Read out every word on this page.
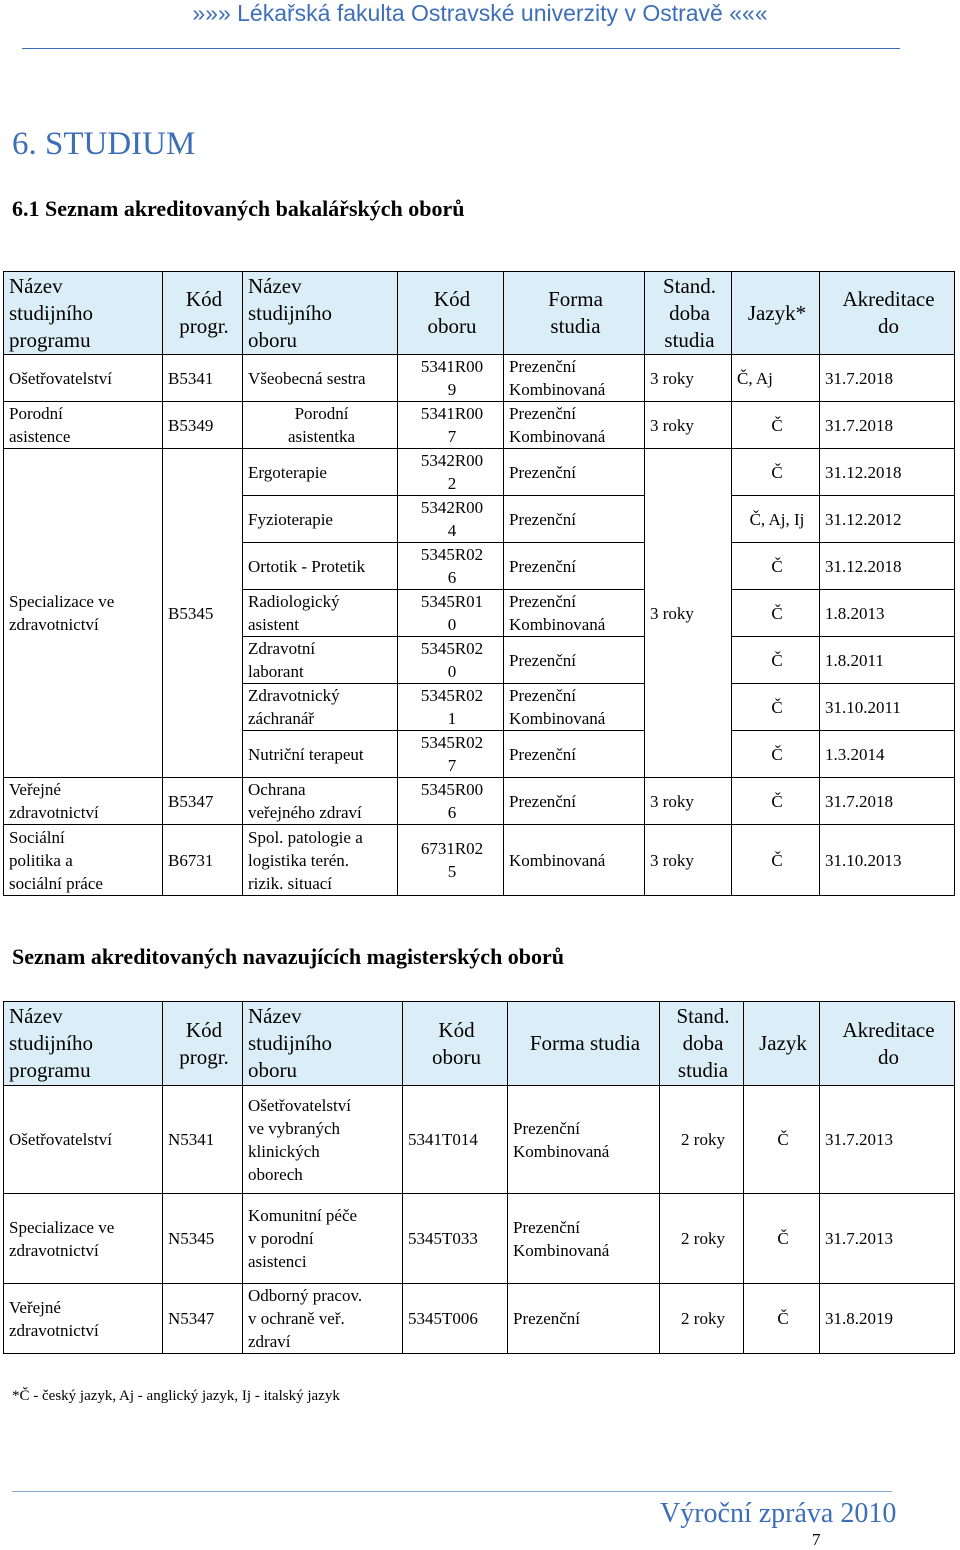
»»» Lékařská fakulta Ostravské univerzity v Ostravě «««
6. STUDIUM
6.1 Seznam akreditovaných bakalářských oborů
Název
studijního
programu	Kód
progr.	Název
studijního
oboru	Kód
oboru	Forma
studia	Stand.
doba
studia	Jazyk*	Akreditace
do

Ošetřovatelství	B5341	Všeobecná sestra	5341R00
9	Prezenční
Kombinovaná	3 roky	Č, Aj	31.7.2018

Porodní
asistence	B5349	Porodní
asistentka	5341R00
7	Prezenční
Kombinovaná	3 roky	Č	31.7.2018

Specializace ve
zdravotnictví	B5345	Ergoterapie	5342R00
2	Prezenční	3 roky	Č	31.12.2018
		Fyzioterapie	5342R00
4	Prezenční		Č, Aj, Ij	31.12.2012
		Ortotik - Protetik	5345R02
6	Prezenční		Č	31.12.2018

		Radiologický
asistent	5345R01
0	Prezenční
Kombinovaná		Č	1.8.2013

		Zdravotní
laborant	5345R02
0	Prezenční		Č	1.8.2011

		Zdravotnický
záchranář	5345R02
1	Prezenční
Kombinovaná		Č	31.10.2011
		Nutriční terapeut	5345R02
7	Prezenční		Č	1.3.2014

Veřejné
zdravotnictví	B5347	Ochrana
veřejného zdraví	5345R00
6	Prezenční	3 roky	Č	31.7.2018

Sociální
politika a
sociální práce	B6731	Spol. patologie a
logistika terén.
rizik. situací	6731R02
5	Kombinovaná	3 roky	Č	31.10.2013
Seznam akreditovaných navazujících magisterských oborů
Název
studijního
programu	Kód
progr.	Název
studijního
oboru	Kód
oboru	Forma studia	Stand.
doba
studia	Jazyk	Akreditace
do

Ošetřovatelství	N5341	Ošetřovatelství
ve vybraných
klinických
oborech	5341T014	Prezenční
Kombinovaná	2 roky	Č	31.7.2013

Specializace ve
zdravotnictví	N5345	Komunitní péče
v porodní
asistenci	5345T033	Prezenční
Kombinovaná	2 roky	Č	31.7.2013

Veřejné
zdravotnictví	N5347	Odborný pracov.
v ochraně veř.
zdraví	5345T006	Prezenční	2 roky	Č	31.8.2019
*Č - český jazyk, Aj - anglický jazyk, Ij - italský jazyk
Výroční zpráva 2010
7
